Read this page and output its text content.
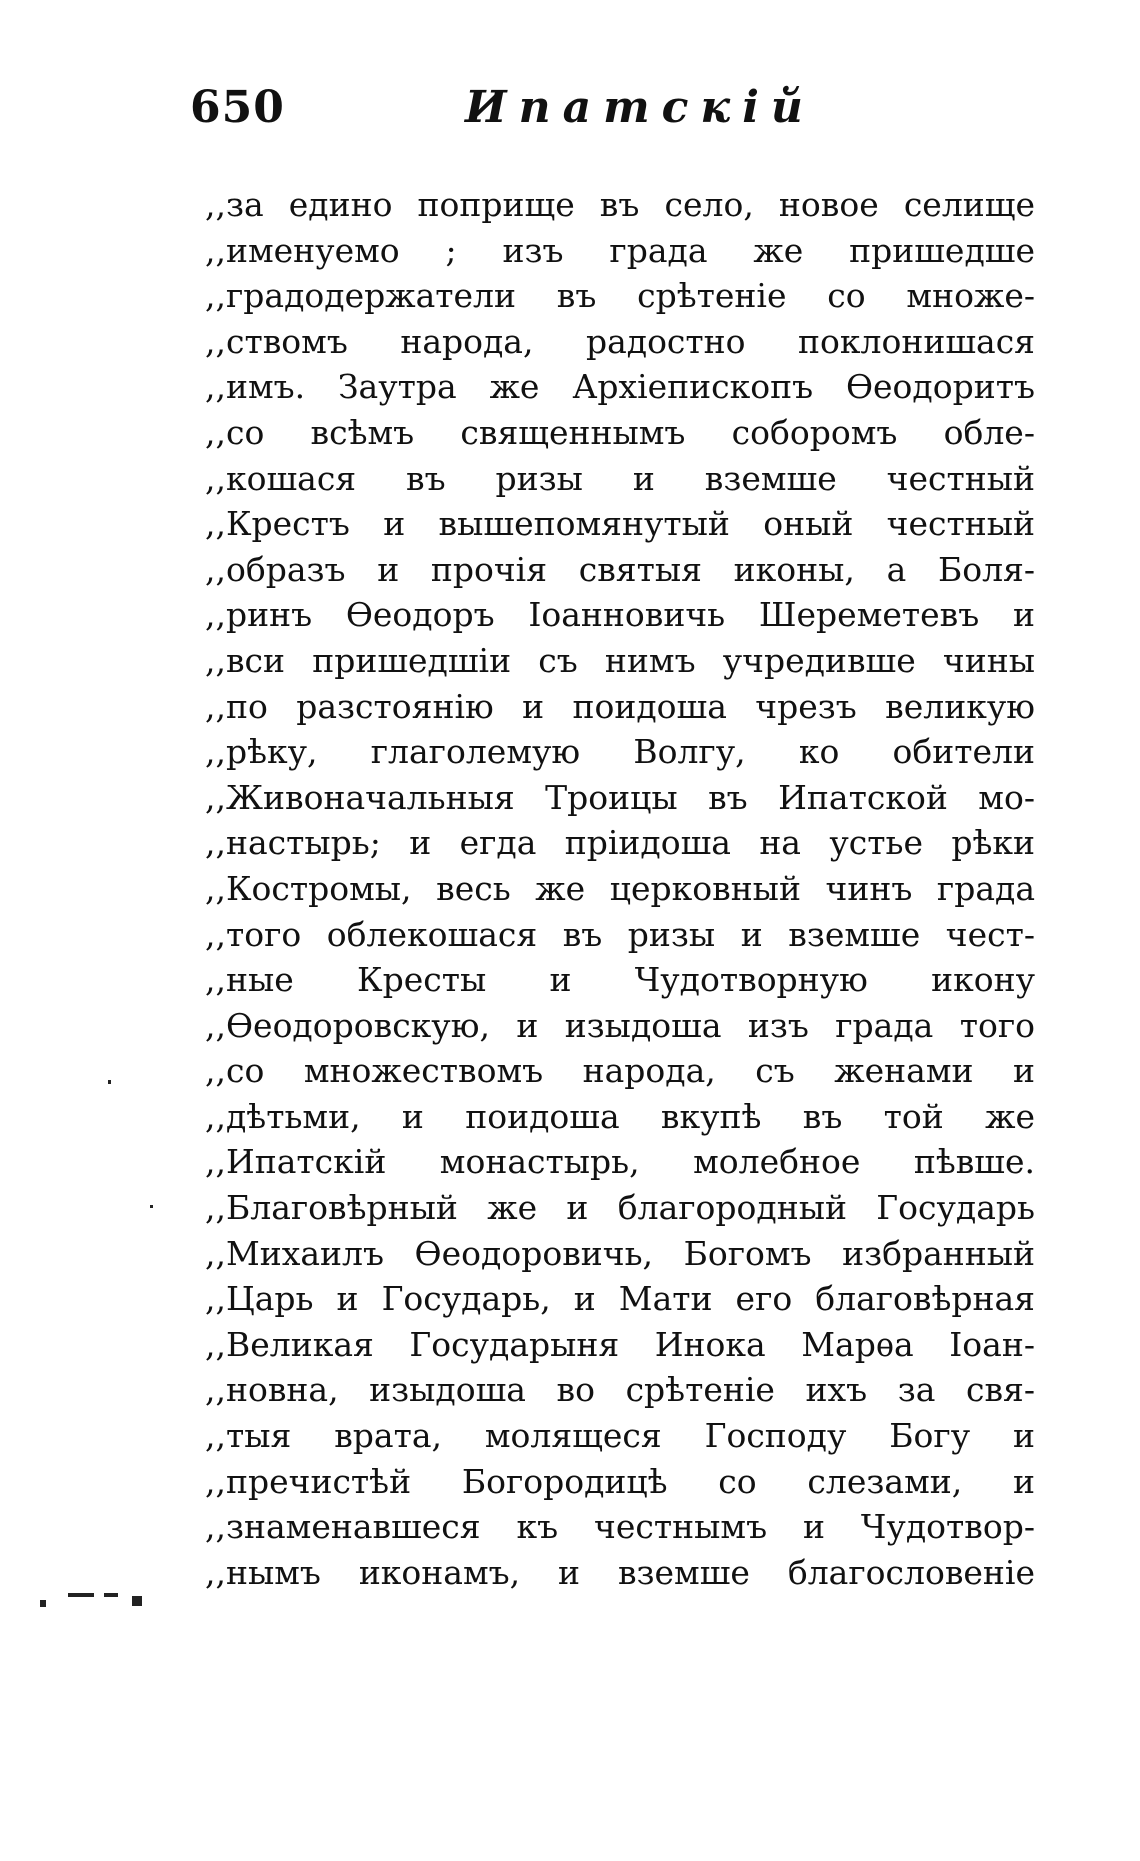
650	Ипатскій
,,за едино поприще въ село, новое селище
,,именуемо ; изъ града же пришедше
,,градодержатели въ срѣтеніе со множе-
,,ствомъ народа, радостно поклонишася
,,имъ. Заутра же Архіепископъ Ѳеодоритъ
,,со всѣмъ священнымъ соборомъ обле-
,,кошася въ ризы и вземше честный
,,Крестъ и вышепомянутый оный честный
,,образъ и прочія святыя иконы, а Боля-
,,ринъ Ѳеодоръ Іоанновичь Шереметевъ и
,,вси пришедшіи съ нимъ учредивше чины
,,по разстоянію и поидоша чрезъ великую
,,рѣку, глаголемую Волгу, ко обители
,,Живоначальныя Троицы въ Ипатской мо-
,,настырь; и егда пріидоша на устье рѣки
,,Костромы, весь же церковный чинъ града
,,того облекошася въ ризы и вземше чест-
,,ные Кресты и Чудотворную икону
,,Ѳеодоровскую, и изыдоша изъ града того
,,со множествомъ народа, съ женами и
,,дѣтьми, и поидоша вкупѣ въ той же
,,Ипатскій монастырь, молебное пѣвше.
,,Благовѣрный же и благородный Государь
,,Михаилъ Ѳеодоровичь, Богомъ избранный
,,Царь и Государь, и Мати его благовѣрная
,,Великая Государыня Инока Марѳа Іоан-
,,новна, изыдоша во срѣтеніе ихъ за свя-
,,тыя врата, молящеся Господу Богу и
,,пречистѣй Богородицѣ со слезами, и
,,знаменавшеся къ честнымъ и Чудотвор-
,,нымъ иконамъ, и вземше благословеніе
